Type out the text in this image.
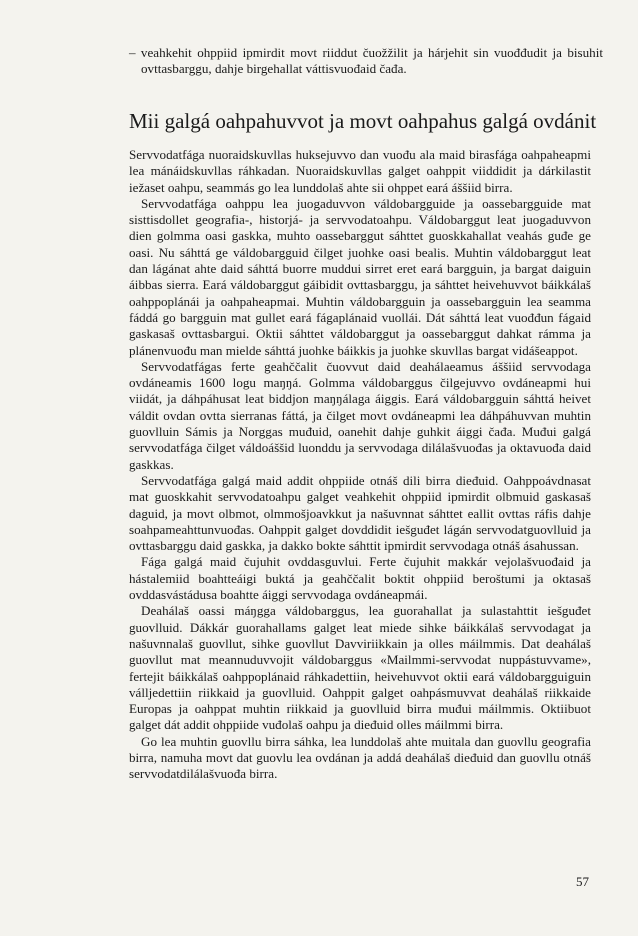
– veahkehit ohppiid ipmirdit movt riiddut čuožžilit ja hárjehit sin vuođđudit ja bisuhit ovttasbarggu, dahje birgehallat váttisvuođaid čađa.
Mii galgá oahpahuvvot ja movt oahpahus galgá ovdánit

Servvodatfága nuoraidskuvllas huksejuvvo dan vuođu ala maid birasfága oahpaheapmi lea mánáidskuvllas ráhkadan. Nuoraidskuvllas galget oahppit viiddidit ja dárkilastit iežaset oahpu, seammás go lea lunddolaš ahte sii ohppet eará áššiid birra.

Servvodatfága oahppu lea juogaduvvon váldobargguide ja oassebargguide mat sisttisdollet geografia-, historjá- ja servvodatoahpu. Váldobarggut leat juogaduvvon dien golmma oasi gaskka, muhto oassebarggut sáhttet guoskkahallat veahás guđe ge oasi. Nu sáhttá ge váldobargguid čilget juohke oasi bealis. Muhtin váldobarggut leat dan lágánat ahte daid sáhttá buorre muddui sirret eret eará bargguin, ja bargat daiguin áibbas sierra. Eará váldobarggut gáibidit ovttasbarggu, ja sáhttet heivehuvvot báikkálaš oahppoplánái ja oahpaheapmai. Muhtin váldobargguin ja oassebargguin lea seamma fáddá go bargguin mat gullet eará fágaplánaid vuollái. Dát sáhttá leat vuođđun fágaid gaskasaš ovttasbargui. Oktii sáhttet váldobarggut ja oassebarggut dahkat rámma ja plánenvuođu man mielde sáhttá juohke báikkis ja juohke skuvllas bargat vidášeappot.

Servvodatfágas ferte geahččalit čuovvut daid deahálaeamus áššiid servvodaga ovdáneamis 1600 logu maŋŋá. Golmma váldobarggus čilgejuvvo ovdáneapmi hui viidát, ja dáhpáhusat leat biddjon maŋŋálaga áiggis. Eará váldobargguin sáhttá heivet váldit ovdan ovtta sierranas fáttá, ja čilget movt ovdáneapmi lea dáhpáhuvvan muhtin guovlluin Sámis ja Norggas muđuid, oanehit dahje guhkit áiggi čađa. Muđui galgá servvodatfága čilget váldoáššid luonddu ja servvodaga dilálašvuođas ja oktavuođa daid gaskkas.

Servvodatfága galgá maid addit ohppiide otnáš dili birra dieđuid. Oahppoávdnasat mat guoskkahit servvodatoahpu galget veahkehit ohppiid ipmirdit olbmuid gaskasaš daguid, ja movt olbmot, olmmošjoavkkut ja našuvnnat sáhttet eallit ovttas ráfis dahje soahpameahttunvuođas. Oahppit galget dovddidit iešguđet lágán servvodatguovlluid ja ovttasbarggu daid gaskka, ja dakko bokte sáhttit ipmirdit servvodaga otnáš ásahussan.

Fága galgá maid čujuhit ovddasguvlui. Ferte čujuhit makkár vejolašvuođaid ja hástalemiid boahtteáigi buktá ja geahččalit boktit ohppiid beroštumi ja oktasaš ovddasvástádusa boahtte áiggi servvodaga ovdáneapmái.

Deahálaš oassi máŋgga váldobarggus, lea guorahallat ja sulastahttit iešguđet guovlluid. Dákkár guorahallams galget leat miede sihke báikkálaš servvodagat ja našuvnnalaš guovllut, sihke guovllut Davviriikkain ja olles máilmmis. Dat deahálaš guovllut mat meannuduvvojit váldobarggus «Mailmmi-servvodat nuppástuvvame», fertejit báikkálaš oahppoplánaid ráhkadettiin, heivehuvvot oktii eará váldobargguiguin válljedettiin riikkaid ja guovlluid. Oahppit galget oahpásmuvvat deahálaš riikkaide Europas ja oahppat muhtin riikkaid ja guovlluid birra muđui máilmmis. Oktiibuot galget dát addit ohppiide vuđolaš oahpu ja dieđuid olles máilmmi birra.

Go lea muhtin guovllu birra sáhka, lea lunddolaš ahte muitala dan guovllu geografia birra, namuha movt dat guovlu lea ovdánan ja addá deahálaš dieđuid dan guovllu otnáš servvodatdilálašvuođa birra.

57
